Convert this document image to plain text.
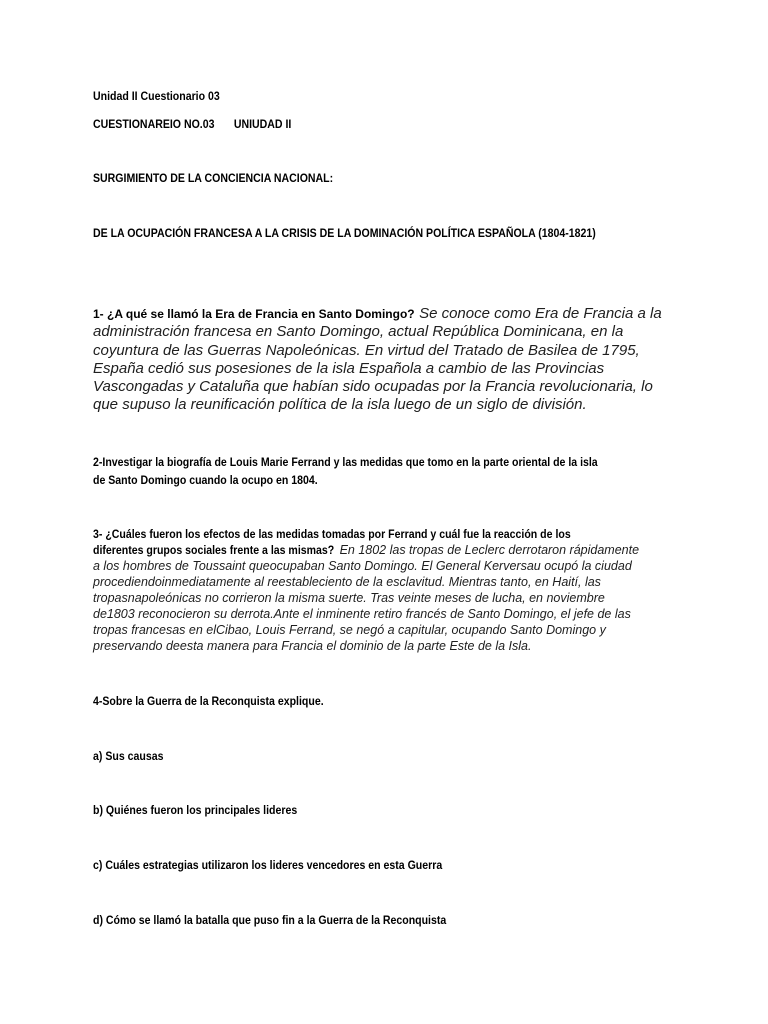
Unidad II Cuestionario 03

CUESTIONAREIO NO.03 UNIUDAD II

SURGIMIENTO DE LA CONCIENCIA NACIONAL:

DE LA OCUPACIÓN FRANCESA A LA CRISIS DE LA DOMINACIÓN POLÍTICA ESPAÑOLA (1804-1821)

1- ¿A qué se llamó la Era de Francia en Santo Domingo? Se conoce como Era de Francia a la administración francesa en Santo Domingo, actual República Dominicana, en la coyuntura de las Guerras Napoleónicas. En virtud del Tratado de Basilea de 1795, España cedió sus posesiones de la isla Española a cambio de las Provincias Vascongadas y Cataluña que habían sido ocupadas por la Francia revolucionaria, lo que supuso la reunificación política de la isla luego de un siglo de división.

2-Investigar la biografía de Louis Marie Ferrand y las medidas que tomo en la parte oriental de la isla

de Santo Domingo cuando la ocupo en 1804.

3- ¿Cuáles fueron los efectos de las medidas tomadas por Ferrand y cuál fue la reacción de los

diferentes grupos sociales frente a las mismas? En 1802 las tropas de Leclerc derrotaron rápidamente a los hombres de Toussaint queocupaban Santo Domingo. El General Kerversau ocupó la ciudad procediendoinmediatamente al reestableciento de la esclavitud. Mientras tanto, en Haití, las tropasnapoleónicas no corrieron la misma suerte. Tras veinte meses de lucha, en noviembre de1803 reconocieron su derrota.Ante el inminente retiro francés de Santo Domingo, el jefe de las tropas francesas en elCibao, Louis Ferrand, se negó a capitular, ocupando Santo Domingo y preservando deesta manera para Francia el dominio de la parte Este de la Isla.

4-Sobre la Guerra de la Reconquista explique.

a) Sus causas

b) Quiénes fueron los principales lideres

c) Cuáles estrategias utilizaron los lideres vencedores en esta Guerra

d) Cómo se llamó la batalla que puso fin a la Guerra de la Reconquista
